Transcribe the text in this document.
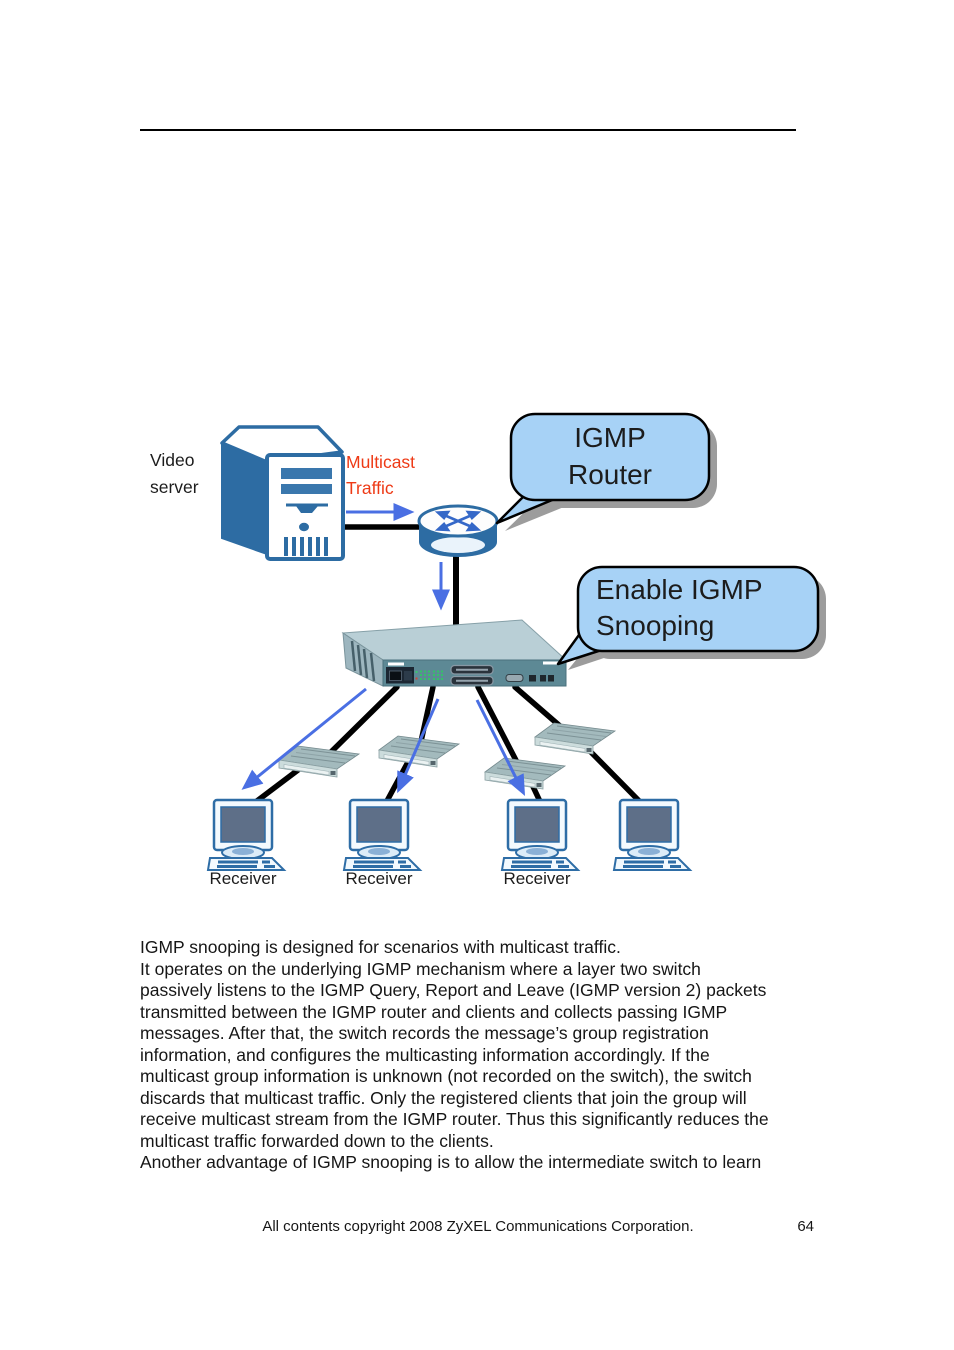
Video server
Multicast Traffic
IGMP Router
Enable IGMP Snooping
Receiver	Receiver	Receiver
IGMP snooping is designed for scenarios with multicast traffic.
It operates on the underlying IGMP mechanism where a layer two switch
passively listens to the IGMP Query, Report and Leave (IGMP version 2) packets
transmitted between the IGMP router and clients and collects passing IGMP
messages. After that, the switch records the message’s group registration
information, and configures the multicasting information accordingly. If the
multicast group information is unknown (not recorded on the switch), the switch
discards that multicast traffic. Only the registered clients that join the group will
receive multicast stream from the IGMP router. Thus this significantly reduces the
multicast traffic forwarded down to the clients.
Another advantage of IGMP snooping is to allow the intermediate switch to learn
All contents copyright 2008 ZyXEL Communications Corporation.	64
